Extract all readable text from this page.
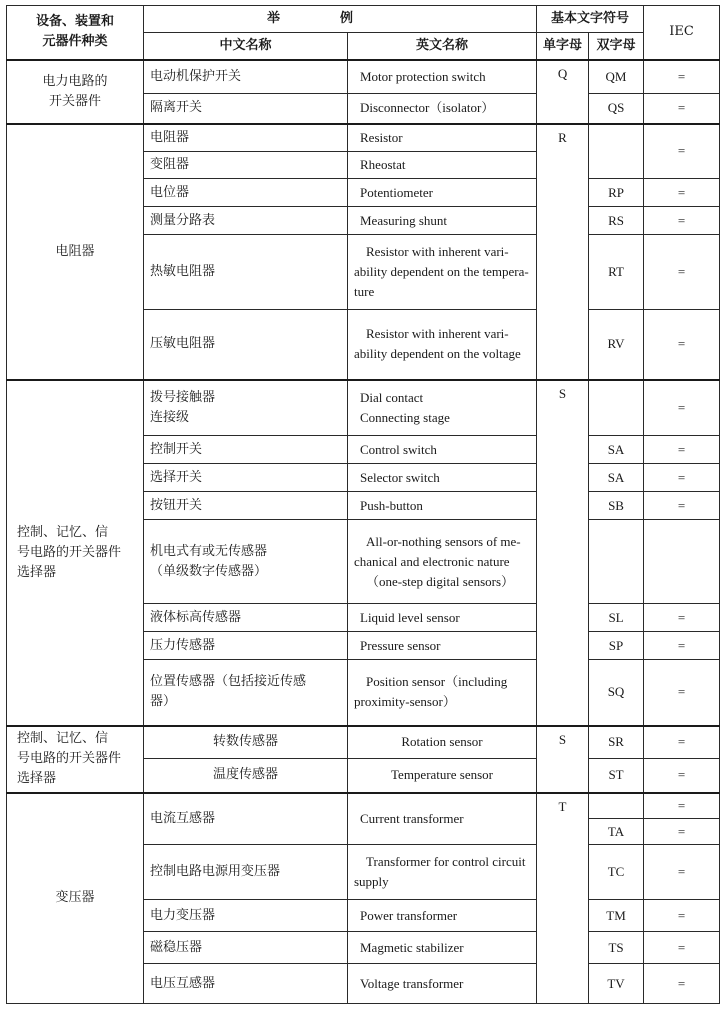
设备、装置和
元器件种类	举例		基本文字符号		IEC
	中文名称	英文名称	单字母	双字母	

电力电路的
开关器件	电动机保护开关	Motor protection switch	Q	QM	=
	隔离开关	Disconnector（isolator）		QS	=
电阻器	电阻器	Resistor	R		=
	变阻器	Rheostat			
	电位器	Potentiometer		RP	=
	测量分路表	Measuring shunt		RS	=
	热敏电阻器	Resistor with inherent vari-
ability dependent on the tempera-
ture		RT	=
	压敏电阻器	Resistor with inherent vari-
ability dependent on the voltage		RV	=

控制、记忆、信
号电路的开关器件
选择器	拨号接触器
连接级	Dial contact
Connecting stage	S		=
	控制开关	Control switch		SA	=
	选择开关	Selector switch		SA	=
	按钮开关	Push-button		SB	=

	机电式有或无传感器
（单级数字传感器）	All-or-nothing sensors of me-
chanical and electronic nature
（one-step digital sensors）			

	液体标高传感器	Liquid level sensor		SL	=
	压力传感器	Pressure sensor		SP	=

	位置传感器（包括接近传感
器）	Position sensor（including
proximity-sensor）		SQ	=

控制、记忆、信
号电路的开关器件
选择器	转数传感器	Rotation sensor	S	SR	=
	温度传感器	Temperature sensor		ST	=
变压器	电流互感器	Current transformer	T		=
				TA	=
	控制电路电源用变压器	Transformer for control circuit
supply		TC	=
	电力变压器	Power transformer		TM	=
	磁稳压器	Magmetic stabilizer		TS	=
	电压互感器	Voltage transformer		TV	=
